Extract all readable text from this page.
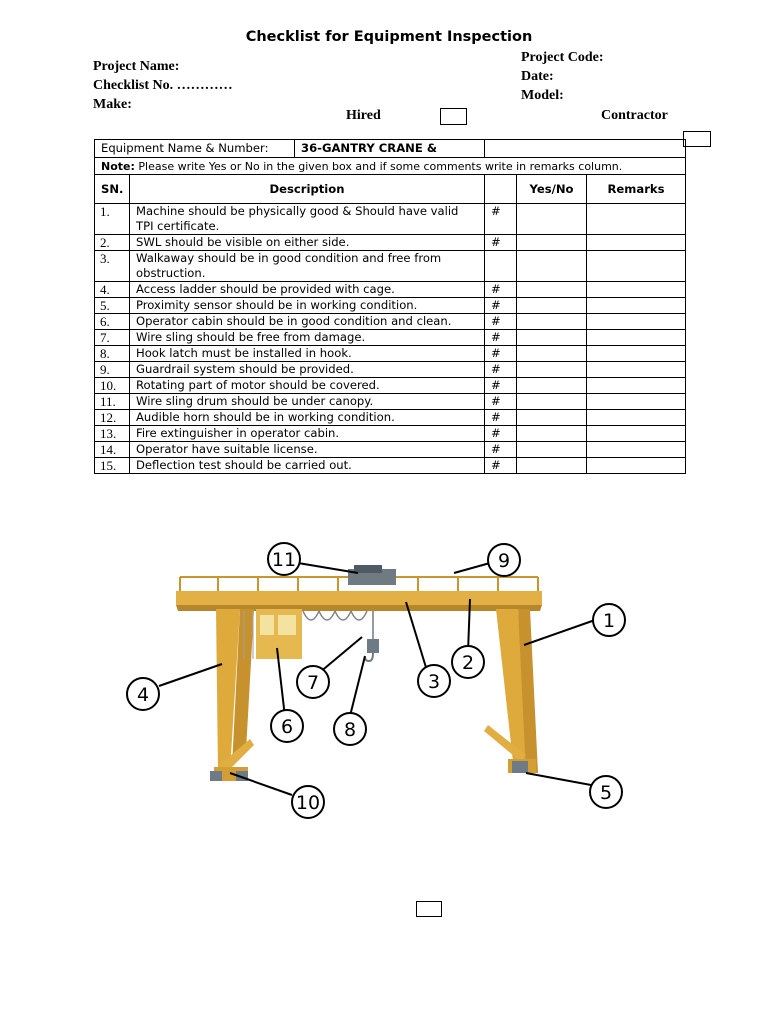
Checklist for Equipment Inspection
Project Name:
Checklist No. …………
Make:
Project Code:
Date:
Model:
Hired	Contractor
Equipment Name & Number: 36-GANTRY CRANE &				

Note: Please write Yes or No in the given box and if some comments write in remarks column.				
SN.	Description		Yes/No	Remarks
1.	Machine should be physically good & Should have valid TPI certificate.	#		
2.	SWL should be visible on either side.	#		
3.	Walkaway should be in good condition and free from obstruction.			
4.	Access ladder should be provided with cage.	#		
5.	Proximity sensor should be in working condition.	#		
6.	Operator cabin should be in good condition and clean.	#		
7.	Wire sling should be free from damage.	#		
8.	Hook latch must be installed in hook.	#		
9.	Guardrail system should be provided.	#		
10.	Rotating part of motor should be covered.	#		
11.	Wire sling drum should be under canopy.	#		
12.	Audible horn should be in working condition.	#		
13.	Fire extinguisher in operator cabin.	#		
14.	Operator have suitable license.	#		
15.	Deflection test should be carried out.	#		
1
2
3
4
5
6
7
8
9
10
11
